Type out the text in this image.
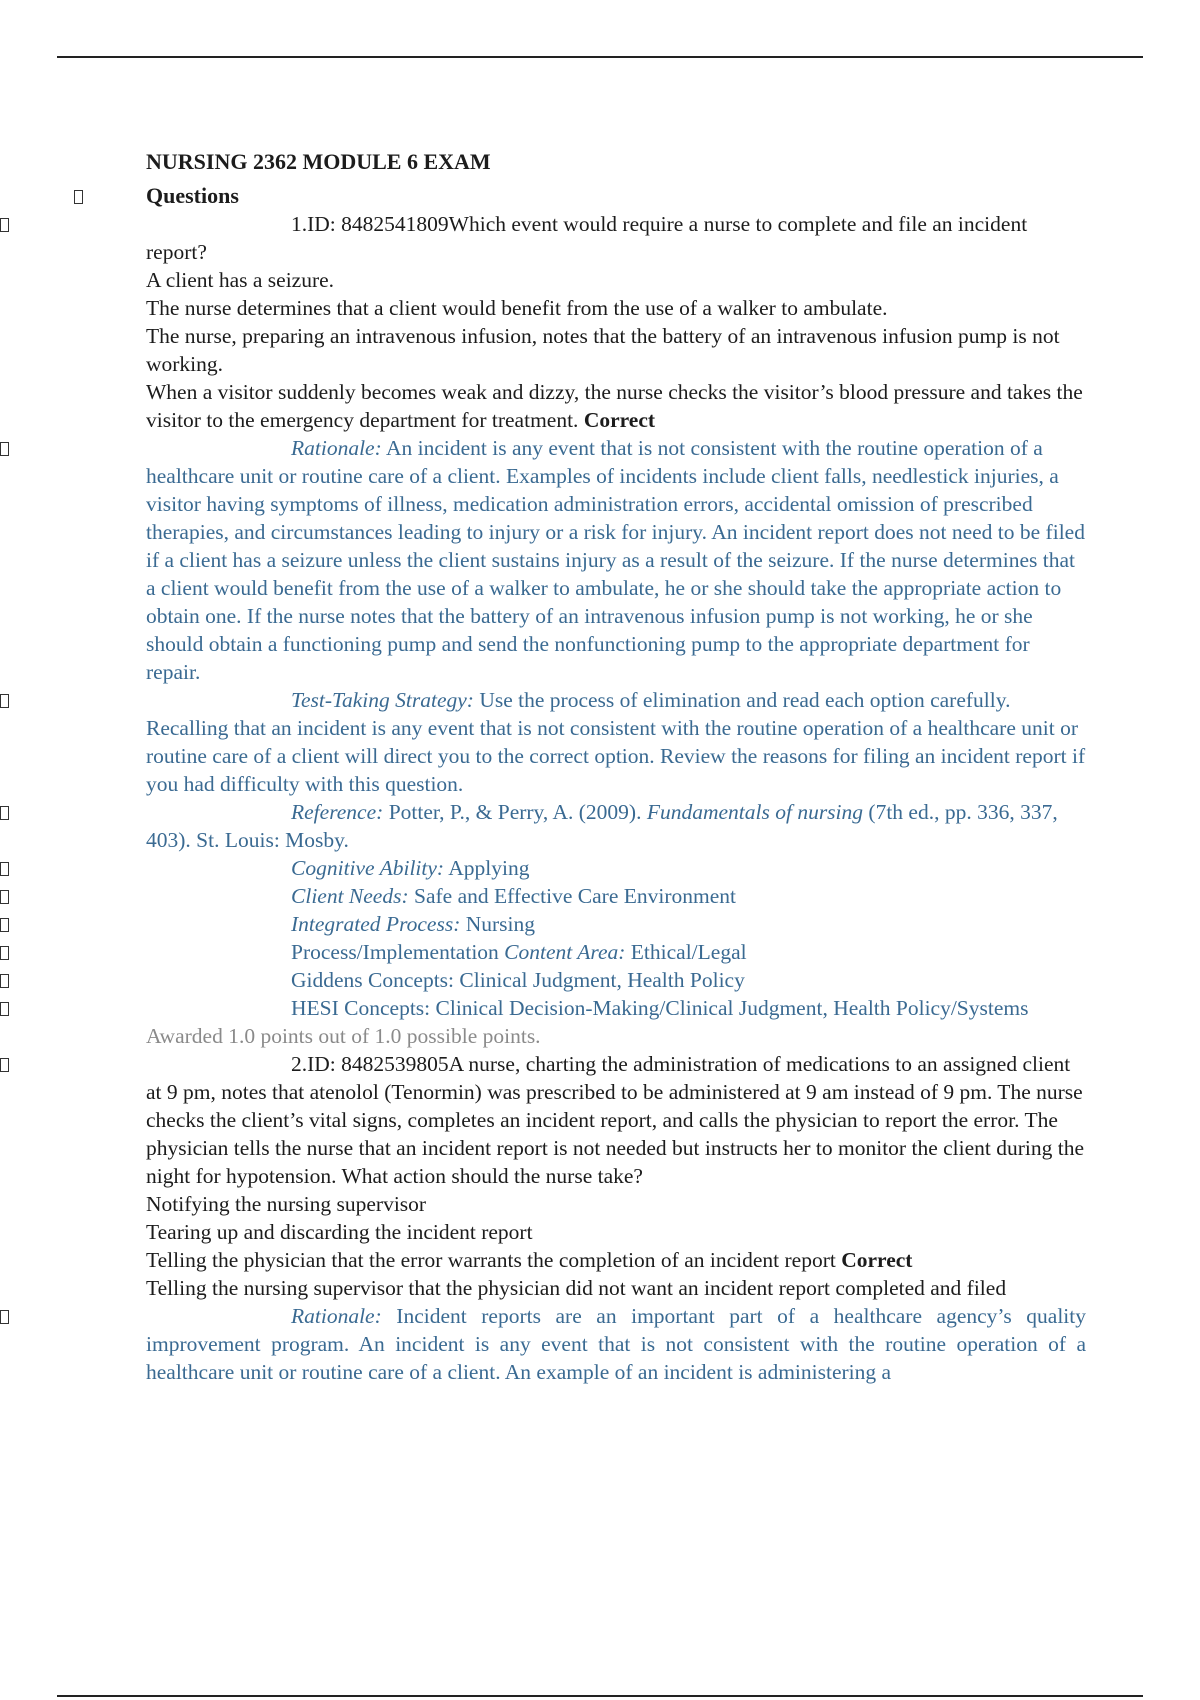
NURSING 2362 MODULE 6 EXAM
Questions
1.ID: 8482541809Which event would require a nurse to complete and file an incident report?
A client has a seizure.
The nurse determines that a client would benefit from the use of a walker to ambulate.
The nurse, preparing an intravenous infusion, notes that the battery of an intravenous infusion pump is not working.
When a visitor suddenly becomes weak and dizzy, the nurse checks the visitor’s blood pressure and takes the visitor to the emergency department for treatment. Correct
Rationale: An incident is any event that is not consistent with the routine operation of a healthcare unit or routine care of a client. Examples of incidents include client falls, needlestick injuries, a visitor having symptoms of illness, medication administration errors, accidental omission of prescribed therapies, and circumstances leading to injury or a risk for injury. An incident report does not need to be filed if a client has a seizure unless the client sustains injury as a result of the seizure. If the nurse determines that a client would benefit from the use of a walker to ambulate, he or she should take the appropriate action to obtain one. If the nurse notes that the battery of an intravenous infusion pump is not working, he or she should obtain a functioning pump and send the nonfunctioning pump to the appropriate department for repair.
Test-Taking Strategy: Use the process of elimination and read each option carefully. Recalling that an incident is any event that is not consistent with the routine operation of a healthcare unit or routine care of a client will direct you to the correct option. Review the reasons for filing an incident report if you had difficulty with this question.
Reference: Potter, P., & Perry, A. (2009). Fundamentals of nursing (7th ed., pp. 336, 337, 403). St. Louis: Mosby.
Cognitive Ability: Applying
Client Needs: Safe and Effective Care Environment
Integrated Process: Nursing
Process/Implementation Content Area: Ethical/Legal
Giddens Concepts: Clinical Judgment, Health Policy
HESI Concepts: Clinical Decision-Making/Clinical Judgment, Health Policy/Systems Awarded 1.0 points out of 1.0 possible points.
2.ID: 8482539805A nurse, charting the administration of medications to an assigned client at 9 pm, notes that atenolol (Tenormin) was prescribed to be administered at 9 am instead of 9 pm. The nurse checks the client’s vital signs, completes an incident report, and calls the physician to report the error. The physician tells the nurse that an incident report is not needed but instructs her to monitor the client during the night for hypotension. What action should the nurse take?
Notifying the nursing supervisor
Tearing up and discarding the incident report
Telling the physician that the error warrants the completion of an incident report Correct
Telling the nursing supervisor that the physician did not want an incident report completed and filed
Rationale: Incident reports are an important part of a healthcare agency’s quality improvement program. An incident is any event that is not consistent with the routine operation of a healthcare unit or routine care of a client. An example of an incident is administering a
